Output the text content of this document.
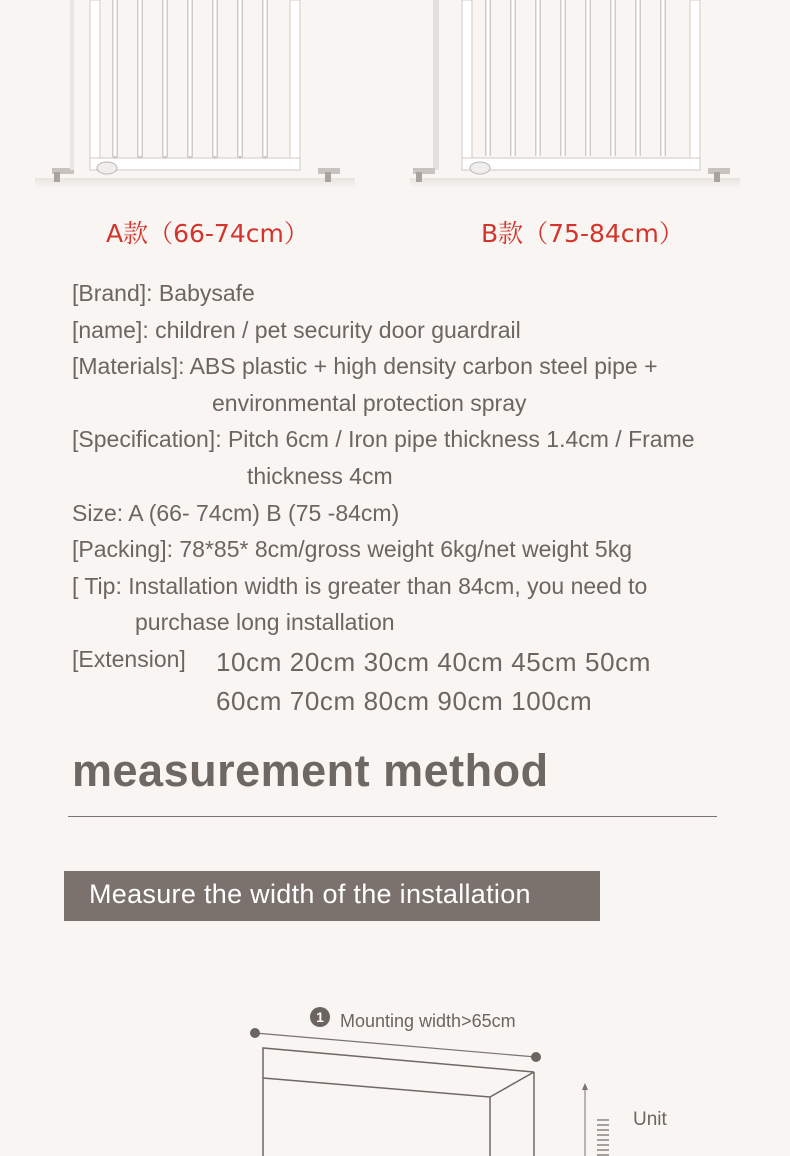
A款（66-74cm）	B款（75-84cm）
[Brand]: Babysafe
[name]: children / pet security door guardrail
[Materials]: ABS plastic + high density carbon steel pipe +
environmental protection spray
[Specification]: Pitch 6cm / Iron pipe thickness 1.4cm / Frame
thickness 4cm
Size: A (66- 74cm) B (75 -84cm)
[Packing]: 78*85* 8cm/gross weight 6kg/net weight 5kg
[ Tip: Installation width is greater than 84cm, you need to
purchase long installation
[Extension]	10cm 20cm 30cm 40cm 45cm 50cm
60cm 70cm 80cm 90cm 100cm
measurement method
Measure the width of the installation
1 Mounting width>65cm
Unit
